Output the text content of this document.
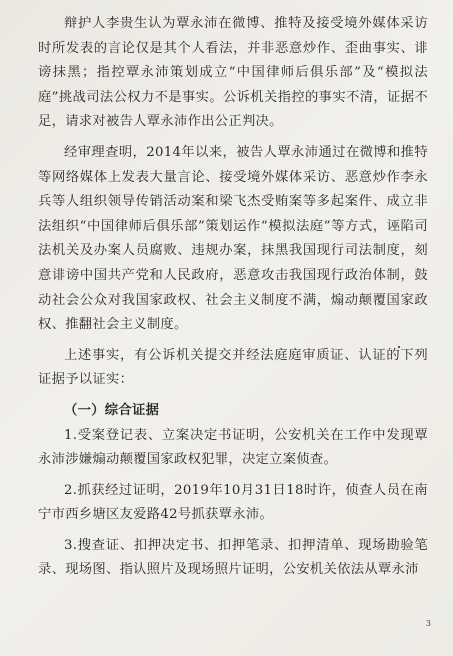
辩护人李贵生认为覃永沛在微博、推特及接受境外媒体采访时所发表的言论仅是其个人看法，并非恶意炒作、歪曲事实、诽谤抹黑；指控覃永沛策划成立“中国律师后俱乐部”及“模拟法庭”挑战司法公权力不是事实。公诉机关指控的事实不清，证据不足，请求对被告人覃永沛作出公正判决。

经审理查明，2014年以来，被告人覃永沛通过在微博和推特等网络媒体上发表大量言论、接受境外媒体采访、恶意炒作李永兵等人组织领导传销活动案和梁飞杰受贿案等多起案件、成立非法组织“中国律师后俱乐部”策划运作“模拟法庭”等方式，诬陷司法机关及办案人员腐败、违规办案，抹黑我国现行司法制度，刻意诽谤中国共产党和人民政府，恶意攻击我国现行政治体制，鼓动社会公众对我国家政权、社会主义制度不满，煽动颠覆国家政权、推翻社会主义制度。

上述事实，有公诉机关提交并经法庭庭审质证、认证的下列证据予以证实：

（一）综合证据

1.受案登记表、立案决定书证明，公安机关在工作中发现覃永沛涉嫌煽动颠覆国家政权犯罪，决定立案侦查。

2.抓获经过证明，2019年10月31日18时许，侦查人员在南宁市西乡塘区友爱路42号抓获覃永沛。

3.搜查证、扣押决定书、扣押笔录、扣押清单、现场勘验笔录、现场图、指认照片及现场照片证明，公安机关依法从覃永沛

3
